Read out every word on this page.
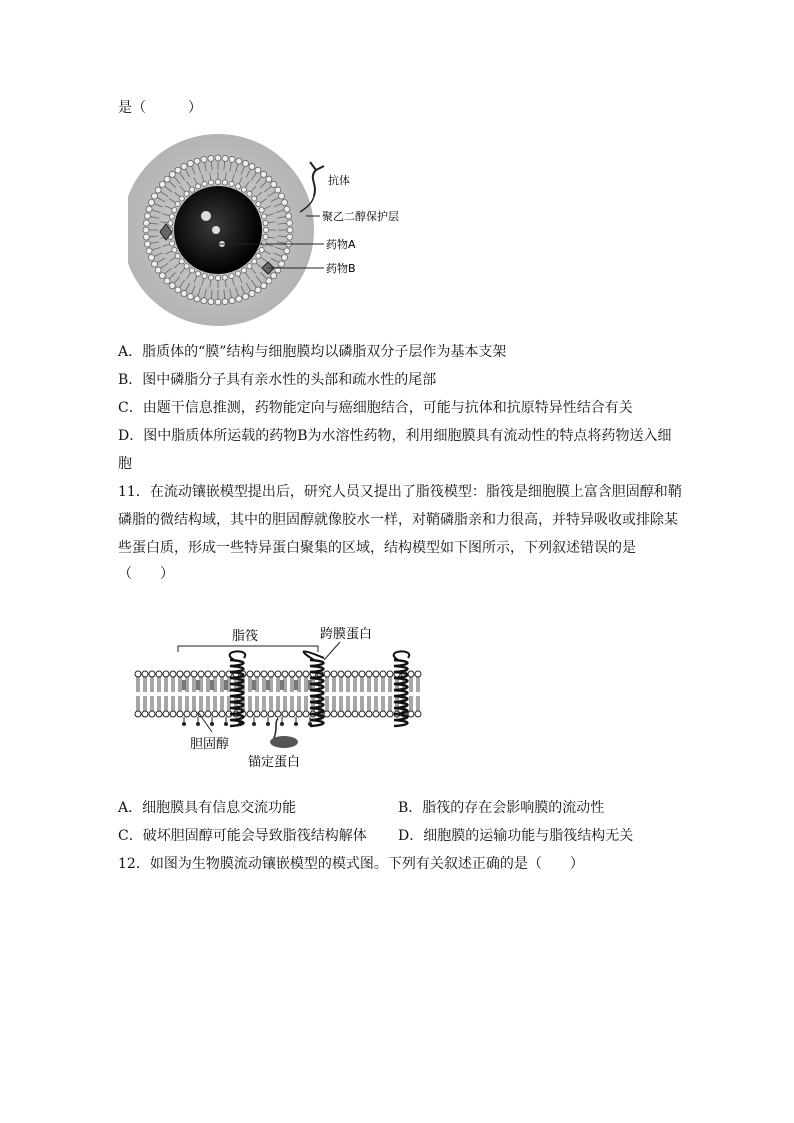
是（　　　）
抗体
聚乙二醇保护层
药物A
药物B
A．脂质体的“膜”结构与细胞膜均以磷脂双分子层作为基本支架
B．图中磷脂分子具有亲水性的头部和疏水性的尾部
C．由题干信息推测，药物能定向与癌细胞结合，可能与抗体和抗原特异性结合有关
D．图中脂质体所运载的药物B为水溶性药物，利用细胞膜具有流动性的特点将药物送入细
胞
11．在流动镶嵌模型提出后，研究人员又提出了脂筏模型：脂筏是细胞膜上富含胆固醇和鞘
磷脂的微结构域，其中的胆固醇就像胶水一样，对鞘磷脂亲和力很高，并特异吸收或排除某
些蛋白质，形成一些特异蛋白聚集的区域，结构模型如下图所示，下列叙述错误的是
（　　）
脂筏	跨膜蛋白
胆固醇
锚定蛋白
A．细胞膜具有信息交流功能	B．脂筏的存在会影响膜的流动性
C．破坏胆固醇可能会导致脂筏结构解体 D．细胞膜的运输功能与脂筏结构无关
12．如图为生物膜流动镶嵌模型的模式图。下列有关叙述正确的是（　　）
